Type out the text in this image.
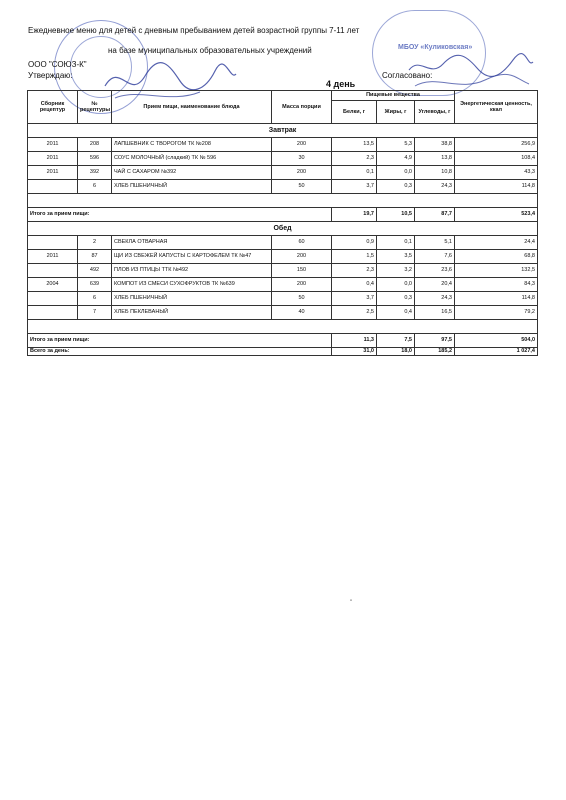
МБОУ «Куликовская»
Ежедневное меню для детей с дневным пребыванием детей возрастной группы 7-11 лет
на базе муниципальных образовательных учреждений
ООО "СОЮЗ-К"
Утверждаю:	Согласовано:
4 день
Сборник рецептур	№ рецептуры	Прием пищи, наименование блюда	Масса порции	Пищевые вещества			Энергетическая ценность, ккал
				Белки, г	Жиры, г	Углеводы, г	
Завтрак							
2011	208	ЛАПШЕВНИК С ТВОРОГОМ ТК №208	200	13,5	5,3	38,8	256,9
2011	596	СОУС МОЛОЧНЫЙ (сладкий) ТК № 596	30	2,3	4,9	13,8	108,4
2011	392	ЧАЙ С САХАРОМ №392	200	0,1	0,0	10,8	43,3
	6	ХЛЕБ ПШЕНИЧНЫЙ	50	3,7	0,3	24,3	114,8

Итого за прием пищи:				19,7	10,5	87,7	523,4
Обед							
	2	СВЕКЛА ОТВАРНАЯ	60	0,9	0,1	5,1	24,4
2011	87	ЩИ ИЗ СВЕЖЕЙ КАПУСТЫ С КАРТОФЕЛЕМ ТК №47	200	1,5	3,5	7,6	68,8
	492	ПЛОВ ИЗ ПТИЦЫ ТТК №492	150	2,3	3,2	23,6	132,5
2004	639	КОМПОТ ИЗ СМЕСИ СУХОФРУКТОВ ТК №639	200	0,4	0,0	20,4	84,3
	6	ХЛЕБ ПШЕНИЧНЫЙ	50	3,7	0,3	24,3	114,8
	7	ХЛЕБ ПЕКЛЕВАНЫЙ	40	2,5	0,4	16,5	79,2

Итого за прием пищи:				11,3	7,5	97,5	504,0
Всего за день:				31,0	18,0	185,2	1 027,4
"
